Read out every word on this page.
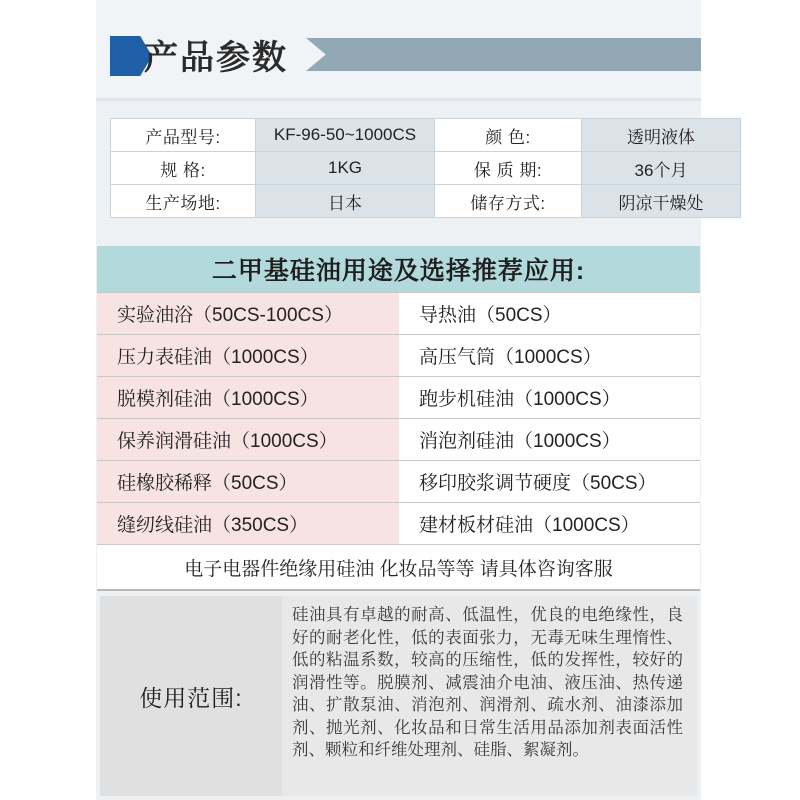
产品参数
产品型号:	KF-96-50~1000CS	颜 色:	透明液体
规 格:	1KG	保 质 期:	36个月
生产场地:	日本	储存方式:	阴凉干燥处
二甲基硅油用途及选择推荐应用:
实验油浴（50CS-100CS）	导热油（50CS）
压力表硅油（1000CS）	高压气筒（1000CS）
脱模剂硅油（1000CS）	跑步机硅油（1000CS）
保养润滑硅油（1000CS）	消泡剂硅油（1000CS）
硅橡胶稀释（50CS）	移印胶浆调节硬度（50CS）
缝纫线硅油（350CS）	建材板材硅油（1000CS）
电子电器件绝缘用硅油 化妆品等等 请具体咨询客服
使用范围:
硅油具有卓越的耐高、低温性，优良的电绝缘性，良好的耐老化性，低的表面张力，无毒无味生理惰性、低的粘温系数，较高的压缩性，低的发挥性，较好的润滑性等。脱膜剂、减震油介电油、液压油、热传递油、扩散泵油、消泡剂、润滑剂、疏水剂、油漆添加剂、抛光剂、化妆品和日常生活用品添加剂表面活性剂、颗粒和纤维处理剂、硅脂、絮凝剂。
